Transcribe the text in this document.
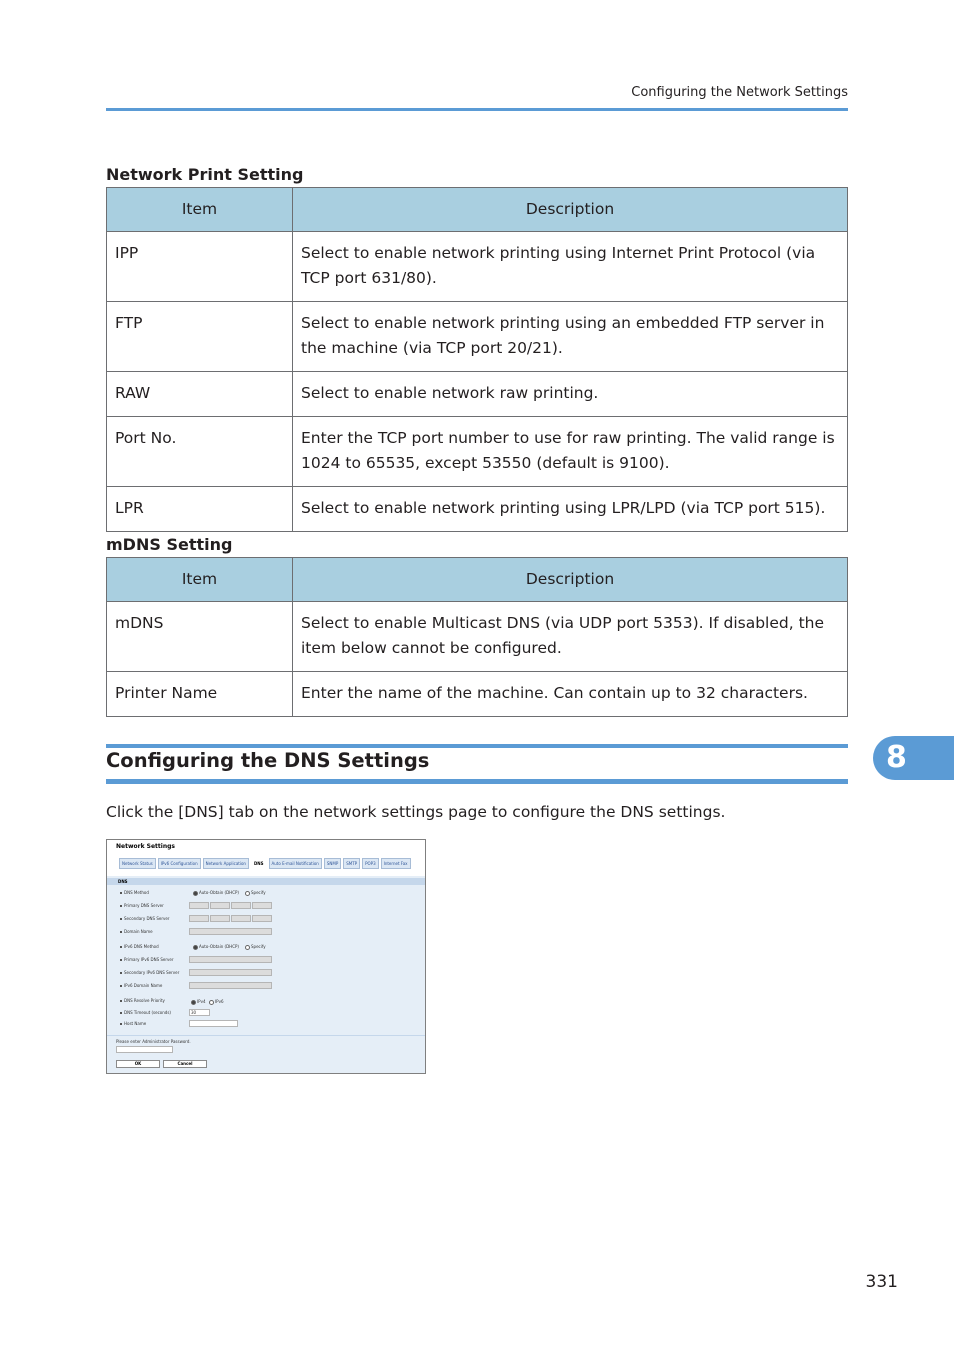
Configuring the Network Settings
Network Print Setting
Item	Description
IPP	Select to enable network printing using Internet Print Protocol (via TCP port 631/80).
FTP	Select to enable network printing using an embedded FTP server in the machine (via TCP port 20/21).
RAW	Select to enable network raw printing.
Port No.	Enter the TCP port number to use for raw printing. The valid range is 1024 to 65535, except 53550 (default is 9100).
LPR	Select to enable network printing using LPR/LPD (via TCP port 515).
mDNS Setting
Item	Description
mDNS	Select to enable Multicast DNS (via UDP port 5353). If disabled, the item below cannot be configured.
Printer Name	Enter the name of the machine. Can contain up to 32 characters.
Configuring the DNS Settings	8
Click the [DNS] tab on the network settings page to configure the DNS settings.
Network Settings
Network Status	IPv6 Configuration	Network Application	DNS	Auto E-mail Notification	SNMP	SMTP	POP3	Internet Fax
DNS
DNS Method	Auto-Obtain (DHCP)	Specify
Primary DNS Server
Secondary DNS Server
Domain Name
IPv6 DNS Method	Auto-Obtain (DHCP)	Specify
Primary IPv6 DNS Server
Secondary IPv6 DNS Server
IPv6 Domain Name
DNS Resolve Priority	IPv4	IPv6
DNS Timeout (seconds)	30
Host Name
Please enter Administrator Password.
OK	Cancel
331
